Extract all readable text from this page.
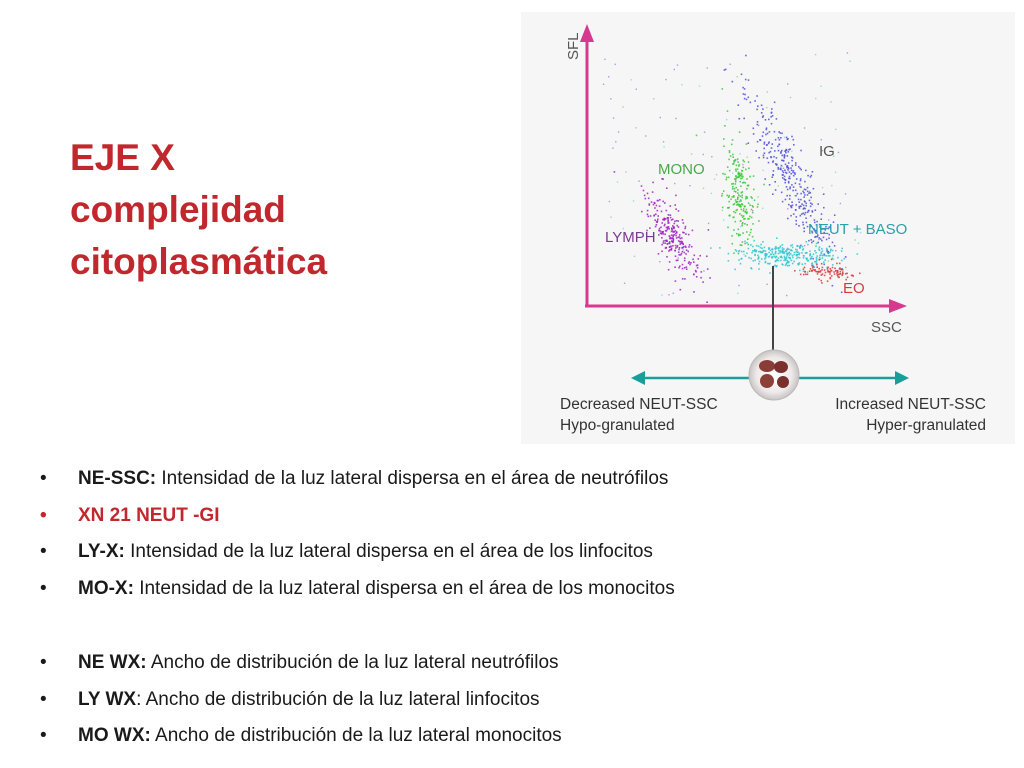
EJE X
complejidad
citoplasmática
SFL
SSC
MONO
IG
LYMPH	NEUT + BASO
EO
Decreased NEUT-SSC
Hypo-granulated
Increased NEUT-SSC
Hyper-granulated
• NE-SSC: Intensidad de la luz lateral dispersa en el área de neutrófilos
• XN 21 NEUT -GI
• LY-X: Intensidad de la luz lateral dispersa en el área de los linfocitos
• MO-X: Intensidad de la luz lateral dispersa en el área de los monocitos
• NE WX: Ancho de distribución de la luz lateral neutrófilos
• LY WX: Ancho de distribución de la luz lateral linfocitos
• MO WX: Ancho de distribución de la luz lateral monocitos
